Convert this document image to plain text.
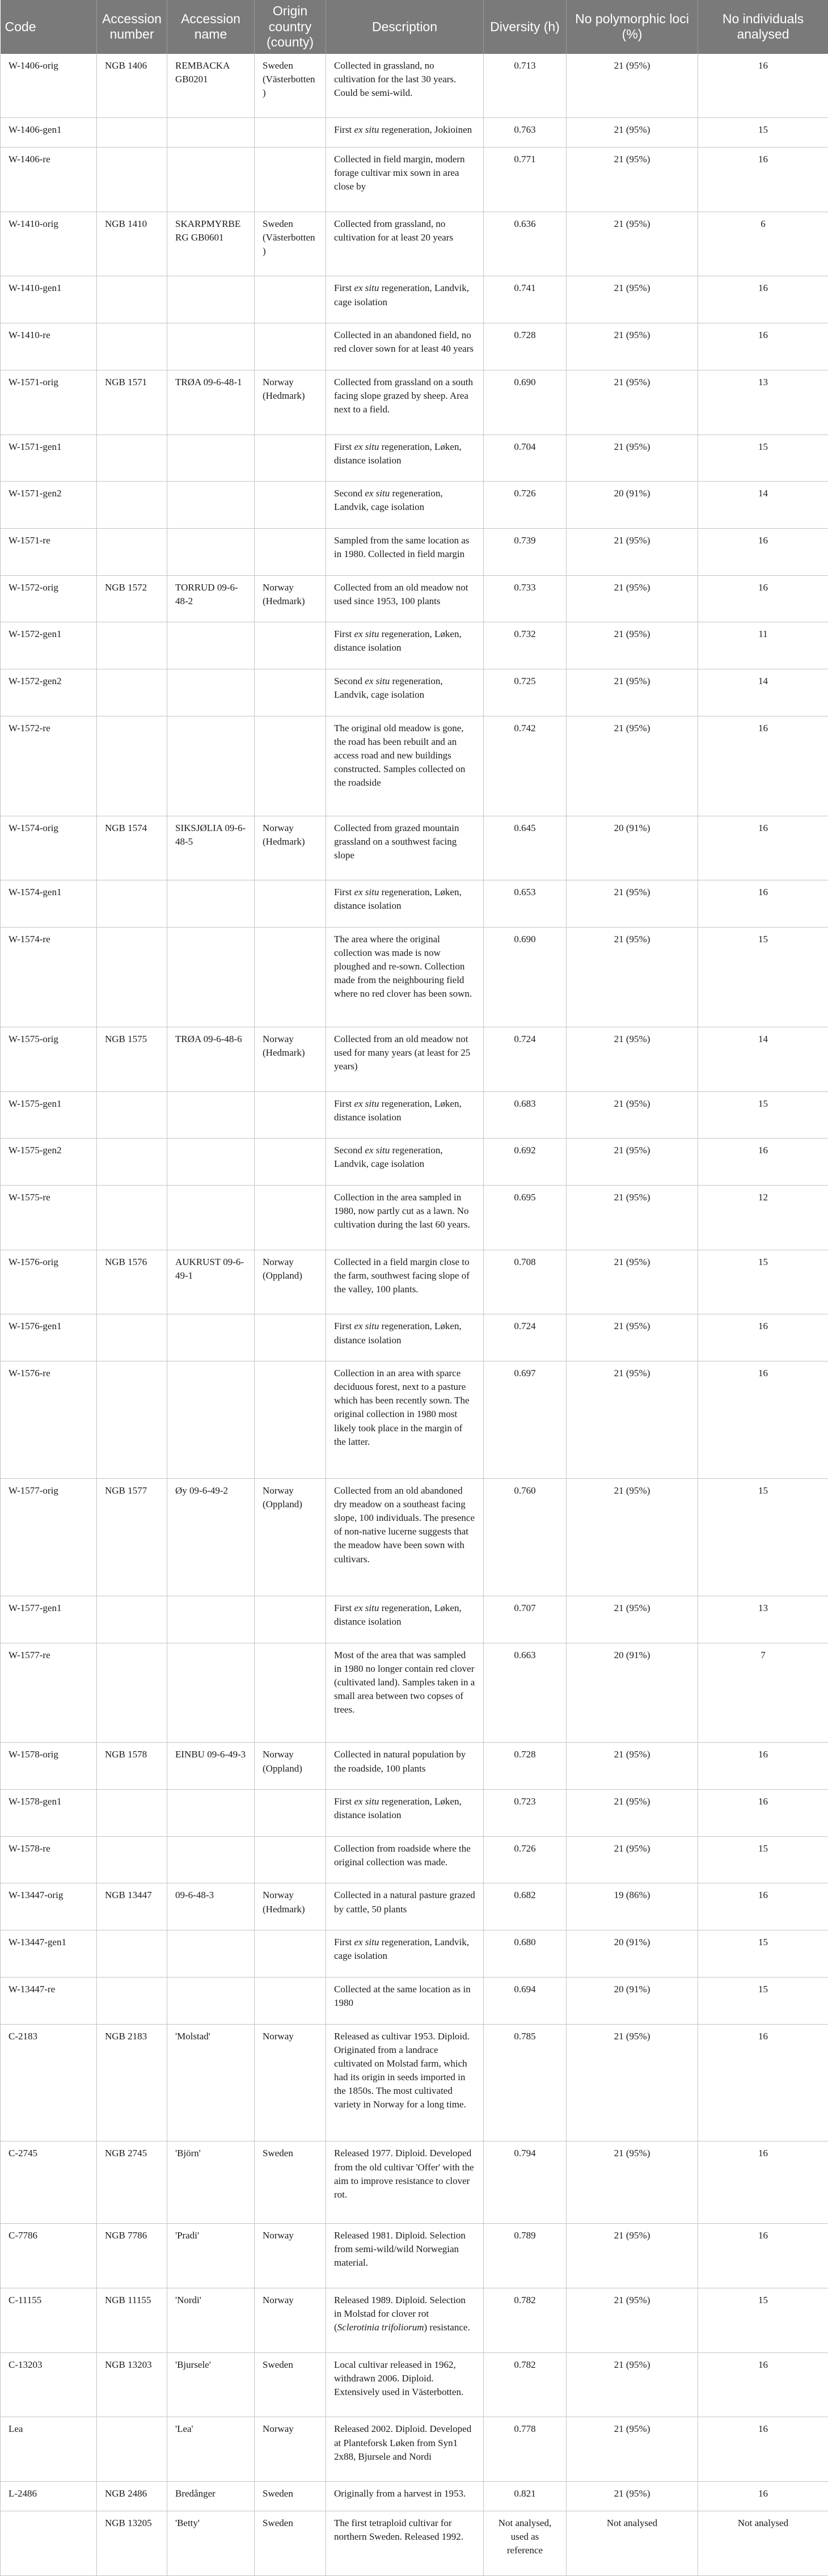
Code	Accession number	Accession name	Origin country (county)	Description	Diversity (h)	No polymorphic loci (%)	No individuals analysed
W-1406-orig	NGB 1406	REMBACKA GB0201	Sweden (Västerbotten)	Collected in grassland, no cultivation for the last 30 years. Could be semi-wild.	0.713	21 (95%)	16
W-1406-gen1				First ex situ regeneration, Jokioinen	0.763	21 (95%)	15
W-1406-re				Collected in field margin, modern forage cultivar mix sown in area close by	0.771	21 (95%)	16
W-1410-orig	NGB 1410	SKARPMYRBERG GB0601	Sweden (Västerbotten)	Collected from grassland, no cultivation for at least 20 years	0.636	21 (95%)	6
W-1410-gen1				First ex situ regeneration, Landvik, cage isolation	0.741	21 (95%)	16
W-1410-re				Collected in an abandoned field, no red clover sown for at least 40 years	0.728	21 (95%)	16
W-1571-orig	NGB 1571	TRØA 09-6-48-1	Norway (Hedmark)	Collected from grassland on a south facing slope grazed by sheep. Area next to a field.	0.690	21 (95%)	13
W-1571-gen1				First ex situ regeneration, Løken, distance isolation	0.704	21 (95%)	15
W-1571-gen2				Second ex situ regeneration, Landvik, cage isolation	0.726	20 (91%)	14
W-1571-re				Sampled from the same location as in 1980. Collected in field margin	0.739	21 (95%)	16
W-1572-orig	NGB 1572	TORRUD 09-6-48-2	Norway (Hedmark)	Collected from an old meadow not used since 1953, 100 plants	0.733	21 (95%)	16
W-1572-gen1				First ex situ regeneration, Løken, distance isolation	0.732	21 (95%)	11
W-1572-gen2				Second ex situ regeneration, Landvik, cage isolation	0.725	21 (95%)	14
W-1572-re				The original old meadow is gone, the road has been rebuilt and an access road and new buildings constructed. Samples collected on the roadside	0.742	21 (95%)	16
W-1574-orig	NGB 1574	SIKSJØLIA 09-6-48-5	Norway (Hedmark)	Collected from grazed mountain grassland on a southwest facing slope	0.645	20 (91%)	16
W-1574-gen1				First ex situ regeneration, Løken, distance isolation	0.653	21 (95%)	16
W-1574-re				The area where the original collection was made is now ploughed and re-sown. Collection made from the neighbouring field where no red clover has been sown.	0.690	21 (95%)	15
W-1575-orig	NGB 1575	TRØA 09-6-48-6	Norway (Hedmark)	Collected from an old meadow not used for many years (at least for 25 years)	0.724	21 (95%)	14
W-1575-gen1				First ex situ regeneration, Løken, distance isolation	0.683	21 (95%)	15
W-1575-gen2				Second ex situ regeneration, Landvik, cage isolation	0.692	21 (95%)	16
W-1575-re				Collection in the area sampled in 1980, now partly cut as a lawn. No cultivation during the last 60 years.	0.695	21 (95%)	12
W-1576-orig	NGB 1576	AUKRUST 09-6-49-1	Norway (Oppland)	Collected in a field margin close to the farm, southwest facing slope of the valley, 100 plants.	0.708	21 (95%)	15
W-1576-gen1				First ex situ regeneration, Løken, distance isolation	0.724	21 (95%)	16
W-1576-re				Collection in an area with sparce deciduous forest, next to a pasture which has been recently sown. The original collection in 1980 most likely took place in the margin of the latter.	0.697	21 (95%)	16
W-1577-orig	NGB 1577	Øy 09-6-49-2	Norway (Oppland)	Collected from an old abandoned dry meadow on a southeast facing slope, 100 individuals. The presence of non-native lucerne suggests that the meadow have been sown with cultivars.	0.760	21 (95%)	15
W-1577-gen1				First ex situ regeneration, Løken, distance isolation	0.707	21 (95%)	13
W-1577-re				Most of the area that was sampled in 1980 no longer contain red clover (cultivated land). Samples taken in a small area between two copses of trees.	0.663	20 (91%)	7
W-1578-orig	NGB 1578	EINBU 09-6-49-3	Norway (Oppland)	Collected in natural population by the roadside, 100 plants	0.728	21 (95%)	16
W-1578-gen1				First ex situ regeneration, Løken, distance isolation	0.723	21 (95%)	16
W-1578-re				Collection from roadside where the original collection was made.	0.726	21 (95%)	15
W-13447-orig	NGB 13447	09-6-48-3	Norway (Hedmark)	Collected in a natural pasture grazed by cattle, 50 plants	0.682	19 (86%)	16
W-13447-gen1				First ex situ regeneration, Landvik, cage isolation	0.680	20 (91%)	15
W-13447-re				Collected at the same location as in 1980	0.694	20 (91%)	15
C-2183	NGB 2183	'Molstad'	Norway	Released as cultivar 1953. Diploid. Originated from a landrace cultivated on Molstad farm, which had its origin in seeds imported in the 1850s. The most cultivated variety in Norway for a long time.	0.785	21 (95%)	16
C-2745	NGB 2745	'Björn'	Sweden	Released 1977. Diploid. Developed from the old cultivar 'Offer' with the aim to improve resistance to clover rot.	0.794	21 (95%)	16
C-7786	NGB 7786	'Pradi'	Norway	Released 1981. Diploid. Selection from semi-wild/wild Norwegian material.	0.789	21 (95%)	16
C-11155	NGB 11155	'Nordi'	Norway	Released 1989. Diploid. Selection in Molstad for clover rot (Sclerotinia trifoliorum) resistance.	0.782	21 (95%)	15
C-13203	NGB 13203	'Bjursele'	Sweden	Local cultivar released in 1962, withdrawn 2006. Diploid. Extensively used in Västerbotten.	0.782	21 (95%)	16
Lea		'Lea'	Norway	Released 2002. Diploid. Developed at Planteforsk Løken from Syn1 2x88, Bjursele and Nordi	0.778	21 (95%)	16
L-2486	NGB 2486	Bredånger	Sweden	Originally from a harvest in 1953.	0.821	21 (95%)	16
	NGB 13205	'Betty'	Sweden	The first tetraploid cultivar for northern Sweden. Released 1992.	Not analysed, used as reference	Not analysed	Not analysed
